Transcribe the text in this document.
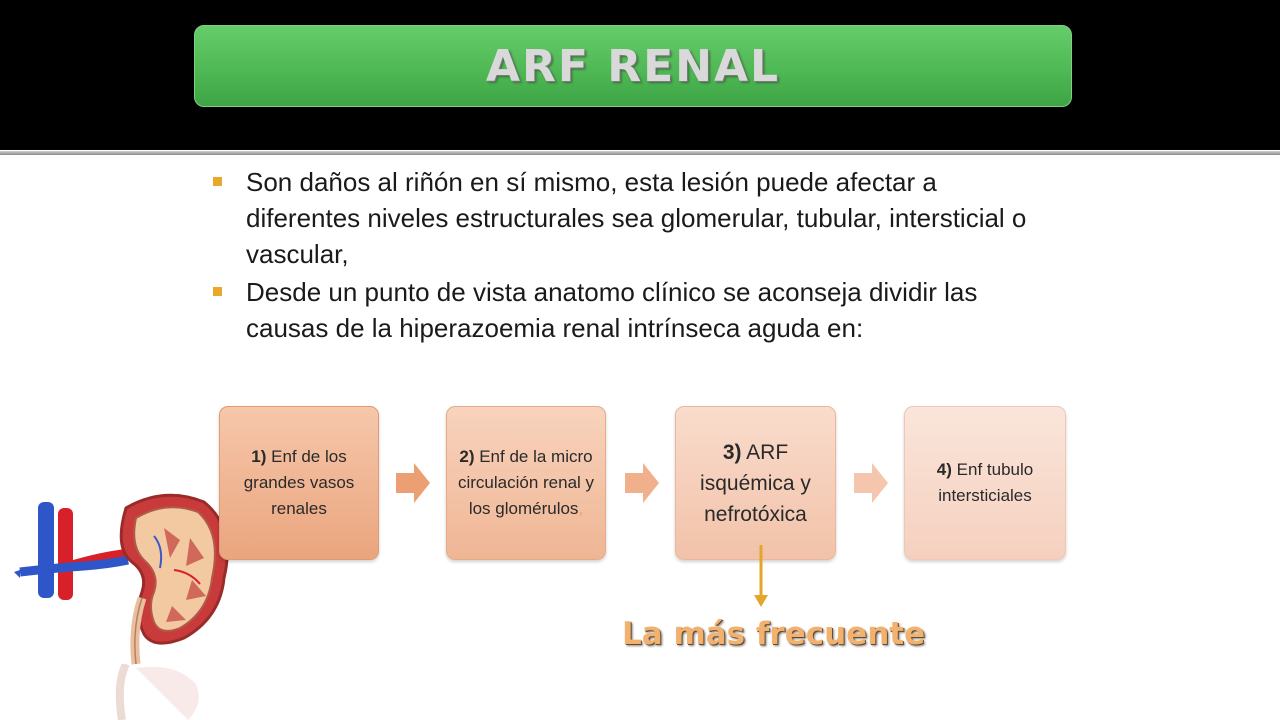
ARF RENAL
Son daños al riñón en sí mismo, esta lesión puede afectar a diferentes niveles estructurales sea glomerular, tubular, intersticial o vascular,
Desde un punto de vista anatomo clínico se aconseja dividir las causas de la hiperazoemia renal intrínseca aguda en:
1) Enf de los grandes vasos renales
2) Enf de la micro circulación renal y los glomérulos,
3) ARF isquémica y nefrotóxica
4) Enf tubulo intersticiales
La más frecuente
